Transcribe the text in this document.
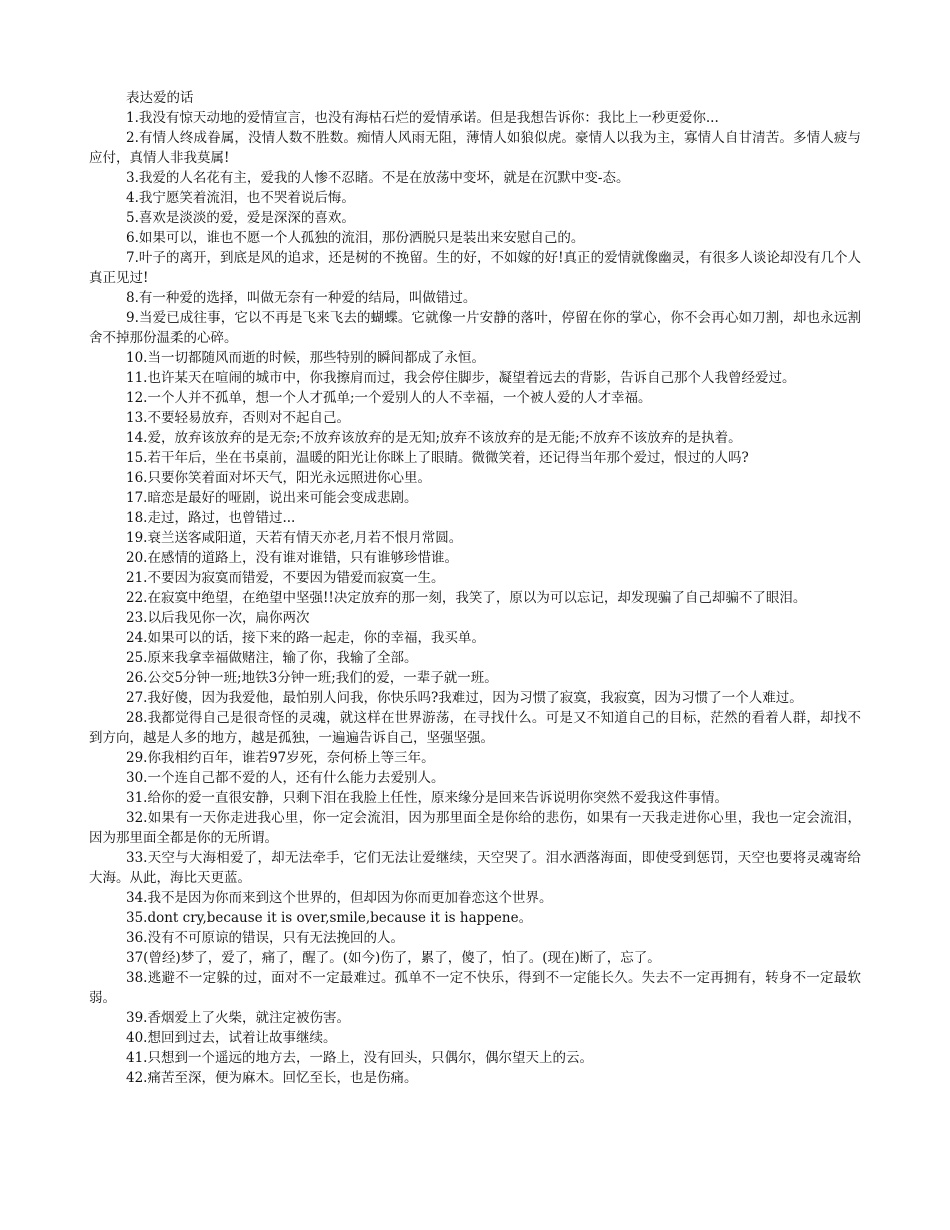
表达爱的话

1.我没有惊天动地的爱情宣言，也没有海枯石烂的爱情承诺。但是我想告诉你：我比上一秒更爱你...

2.有情人终成眷属，没情人数不胜数。痴情人风雨无阻，薄情人如狼似虎。豪情人以我为主，寡情人自甘清苦。多情人疲与应付，真情人非我莫属!

3.我爱的人名花有主，爱我的人惨不忍睹。不是在放荡中变坏，就是在沉默中变-态。

4.我宁愿笑着流泪，也不哭着说后悔。

5.喜欢是淡淡的爱，爱是深深的喜欢。

6.如果可以，谁也不愿一个人孤独的流泪，那份洒脱只是装出来安慰自己的。

7.叶子的离开，到底是风的追求，还是树的不挽留。生的好，不如嫁的好!真正的爱情就像幽灵，有很多人谈论却没有几个人真正见过!

8.有一种爱的选择，叫做无奈有一种爱的结局，叫做错过。

9.当爱已成往事，它以不再是飞来飞去的蝴蝶。它就像一片安静的落叶，停留在你的掌心，你不会再心如刀割，却也永远割舍不掉那份温柔的心碎。

10.当一切都随风而逝的时候，那些特别的瞬间都成了永恒。

11.也许某天在喧闹的城市中，你我擦肩而过，我会停住脚步，凝望着远去的背影，告诉自己那个人我曾经爱过。

12.一个人并不孤单，想一个人才孤单;一个爱别人的人不幸福，一个被人爱的人才幸福。

13.不要轻易放弃，否则对不起自己。

14.爱，放弃该放弃的是无奈;不放弃该放弃的是无知;放弃不该放弃的是无能;不放弃不该放弃的是执着。

15.若干年后，坐在书桌前，温暖的阳光让你眯上了眼睛。微微笑着，还记得当年那个爱过，恨过的人吗?

16.只要你笑着面对坏天气，阳光永远照进你心里。

17.暗恋是最好的哑剧，说出来可能会变成悲剧。

18.走过，路过，也曾错过...

19.衰兰送客咸阳道，天若有情天亦老,月若不恨月常圆。

20.在感情的道路上，没有谁对谁错，只有谁够珍惜谁。

21.不要因为寂寞而错爱，不要因为错爱而寂寞一生。

22.在寂寞中绝望，在绝望中坚强!!决定放弃的那一刻，我笑了，原以为可以忘记，却发现骗了自己却骗不了眼泪。

23.以后我见你一次，扁你两次

24.如果可以的话，接下来的路一起走，你的幸福，我买单。

25.原来我拿幸福做赌注，输了你，我输了全部。

26.公交5分钟一班;地铁3分钟一班;我们的爱，一辈子就一班。

27.我好傻，因为我爱他，最怕别人问我，你快乐吗?我难过，因为习惯了寂寞，我寂寞，因为习惯了一个人难过。

28.我都觉得自己是很奇怪的灵魂，就这样在世界游荡，在寻找什么。可是又不知道自己的目标，茫然的看着人群，却找不到方向，越是人多的地方，越是孤独，一遍遍告诉自己，坚强坚强。

29.你我相约百年，谁若97岁死，奈何桥上等三年。

30.一个连自己都不爱的人，还有什么能力去爱别人。

31.给你的爱一直很安静，只剩下泪在我脸上任性，原来缘分是回来告诉说明你突然不爱我这件事情。

32.如果有一天你走进我心里，你一定会流泪，因为那里面全是你给的悲伤，如果有一天我走进你心里，我也一定会流泪，因为那里面全都是你的无所谓。

33.天空与大海相爱了，却无法牵手，它们无法让爱继续，天空哭了。泪水洒落海面，即使受到惩罚，天空也要将灵魂寄给大海。从此，海比天更蓝。

34.我不是因为你而来到这个世界的，但却因为你而更加眷恋这个世界。

35.dont cry,because it is over,smile,because it is happene。

36.没有不可原谅的错误，只有无法挽回的人。

37(曾经)梦了，爱了，痛了，醒了。(如今)伤了，累了，傻了，怕了。(现在)断了，忘了。

38.逃避不一定躲的过，面对不一定最难过。孤单不一定不快乐，得到不一定能长久。失去不一定再拥有，转身不一定最软弱。

39.香烟爱上了火柴，就注定被伤害。

40.想回到过去，试着让故事继续。

41.只想到一个遥远的地方去，一路上，没有回头，只偶尔，偶尔望天上的云。

42.痛苦至深，便为麻木。回忆至长，也是伤痛。
